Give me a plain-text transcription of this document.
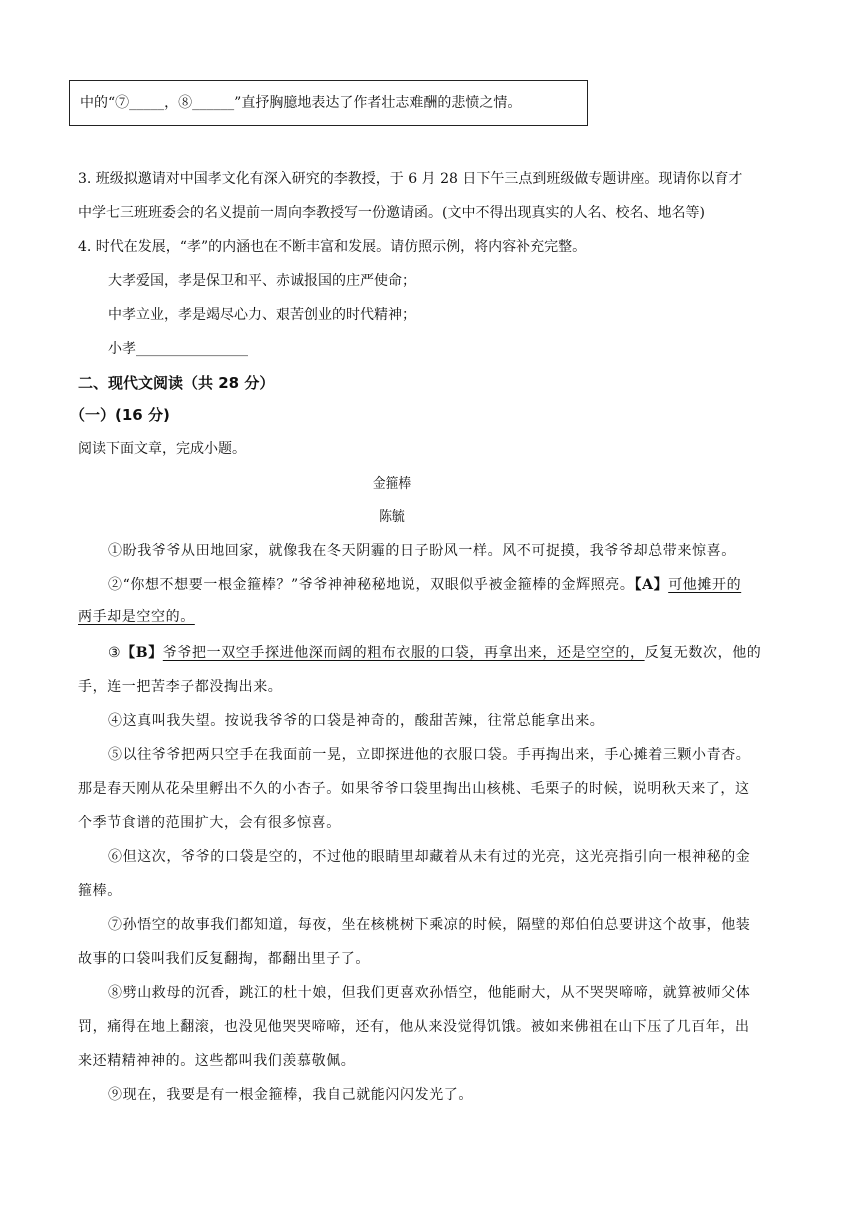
中的“⑦_____，⑧______”直抒胸臆地表达了作者壮志难酬的悲愤之情。
3. 班级拟邀请对中国孝文化有深入研究的李教授，于 6 月 28 日下午三点到班级做专题讲座。现请你以育才
中学七三班班委会的名义提前一周向李教授写一份邀请函。(文中不得出现真实的人名、校名、地名等)
4. 时代在发展，“孝”的内涵也在不断丰富和发展。请仿照示例，将内容补充完整。
大孝爱国，孝是保卫和平、赤诚报国的庄严使命；
中孝立业，孝是竭尽心力、艰苦创业的时代精神；
小孝________________
二、现代文阅读（共 28 分）
（一）(16 分)
阅读下面文章，完成小题。
金箍棒
陈毓
①盼我爷爷从田地回家，就像我在冬天阴霾的日子盼风一样。风不可捉摸，我爷爷却总带来惊喜。
②“你想不想要一根金箍棒？”爷爷神神秘秘地说，双眼似乎被金箍棒的金辉照亮。【A】可他摊开的
两手却是空空的。
③【B】爷爷把一双空手探进他深而阔的粗布衣服的口袋，再拿出来，还是空空的，反复无数次，他的
手，连一把苦李子都没掏出来。
④这真叫我失望。按说我爷爷的口袋是神奇的，酸甜苦辣，往常总能拿出来。
⑤以往爷爷把两只空手在我面前一晃，立即探进他的衣服口袋。手再掏出来，手心摊着三颗小青杏。
那是春天刚从花朵里孵出不久的小杏子。如果爷爷口袋里掏出山核桃、毛栗子的时候，说明秋天来了，这
个季节食谱的范围扩大，会有很多惊喜。
⑥但这次，爷爷的口袋是空的，不过他的眼睛里却藏着从未有过的光亮，这光亮指引向一根神秘的金
箍棒。
⑦孙悟空的故事我们都知道，每夜，坐在核桃树下乘凉的时候，隔壁的郑伯伯总要讲这个故事，他装
故事的口袋叫我们反复翻掏，都翻出里子了。
⑧劈山救母的沉香，跳江的杜十娘，但我们更喜欢孙悟空，他能耐大，从不哭哭啼啼，就算被师父体
罚，痛得在地上翻滚，也没见他哭哭啼啼，还有，他从来没觉得饥饿。被如来佛祖在山下压了几百年，出
来还精精神神的。这些都叫我们羡慕敬佩。
⑨现在，我要是有一根金箍棒，我自己就能闪闪发光了。
